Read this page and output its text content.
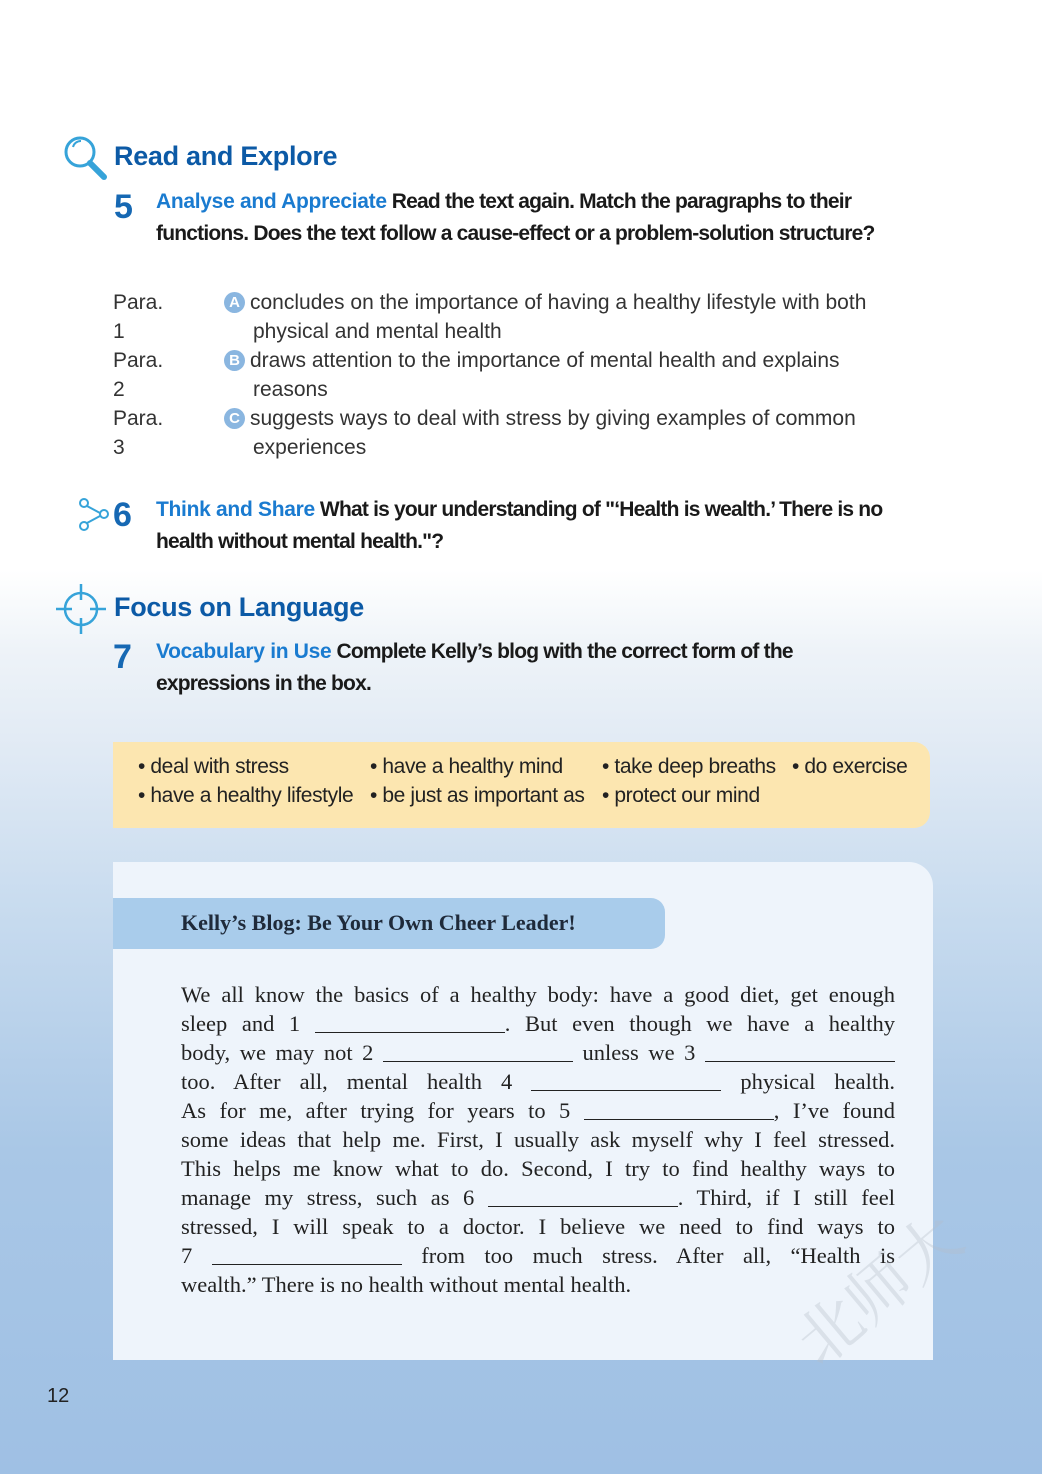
Read and Explore
5 Analyse and Appreciate Read the text again. Match the paragraphs to their
functions. Does the text follow a cause-effect or a problem-solution structure?
Para. 1
A concludes on the importance of having a healthy lifestyle with both
physical and mental health
Para. 2
B draws attention to the importance of mental health and explains
reasons
Para. 3
C suggests ways to deal with stress by giving examples of common
experiences
6 Think and Share What is your understanding of "‘Health is wealth.’ There is no
health without mental health."?
Focus on Language
7 Vocabulary in Use Complete Kelly’s blog with the correct form of the
expressions in the box.
• deal with stress	• have a healthy mind • take deep breaths • do exercise
• have a healthy lifestyle • be just as important as • protect our mind
Kelly’s Blog: Be Your Own Cheer Leader!
We all know the basics of a healthy body: have a good diet, get enough
sleep and 1	. But even though we have a healthy
body, we may not 2	unless we 3
too. After all, mental health 4	physical health.
As for me, after trying for years to 5	, I’ve found
some ideas that help me. First, I usually ask myself why I feel stressed.
This helps me know what to do. Second, I try to find healthy ways to
manage my stress, such as 6	. Third, if I still feel
stressed, I will speak to a doctor. I believe we need to find ways to
7	from too much stress. After all, “Health is
wealth.” There is no health without mental health.	北师大
12
